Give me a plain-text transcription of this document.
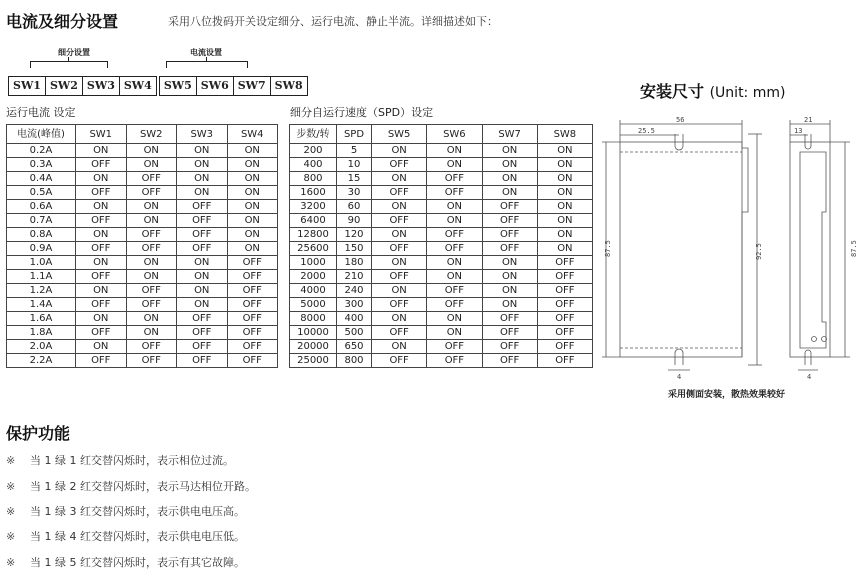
电流及细分设置	采用八位拨码开关设定细分、运行电流、静止半流。详细描述如下：
细分设置	电流设置
SW1 SW2 SW3 SW4	SW5 SW6 SW7 SW8
运行电流 设定
电流(峰值)	SW1	SW2	SW3	SW4
0.2A	ON	ON	ON	ON
0.3A	OFF	ON	ON	ON
0.4A	ON	OFF	ON	ON
0.5A	OFF	OFF	ON	ON
0.6A	ON	ON	OFF	ON
0.7A	OFF	ON	OFF	ON
0.8A	ON	OFF	OFF	ON
0.9A	OFF	OFF	OFF	ON
1.0A	ON	ON	ON	OFF
1.1A	OFF	ON	ON	OFF
1.2A	ON	OFF	ON	OFF
1.4A	OFF	OFF	ON	OFF
1.6A	ON	ON	OFF	OFF
1.8A	OFF	ON	OFF	OFF
2.0A	ON	OFF	OFF	OFF
2.2A	OFF	OFF	OFF	OFF
细分自运行速度（SPD）设定
步数/转	SPD	SW5	SW6	SW7	SW8
200	5	ON	ON	ON	ON
400	10	OFF	ON	ON	ON
800	15	ON	OFF	ON	ON
1600	30	OFF	OFF	ON	ON
3200	60	ON	ON	OFF	ON
6400	90	OFF	ON	OFF	ON
12800	120	ON	OFF	OFF	ON
25600	150	OFF	OFF	OFF	ON
1000	180	ON	ON	ON	OFF
2000	210	OFF	ON	ON	OFF
4000	240	ON	OFF	ON	OFF
5000	300	OFF	OFF	ON	OFF
8000	400	ON	ON	OFF	OFF
10000	500	OFF	ON	OFF	OFF
20000	650	ON	OFF	OFF	OFF
25000	800	OFF	OFF	OFF	OFF
安装尺寸 (Unit: mm)
56
25.5
21
13
87.5	92.5	87.5
4	4
采用侧面安装，散热效果较好
保护功能
※ 当 1 绿 1 红交替闪烁时，表示相位过流。
※ 当 1 绿 2 红交替闪烁时，表示马达相位开路。
※ 当 1 绿 3 红交替闪烁时，表示供电电压高。
※ 当 1 绿 4 红交替闪烁时，表示供电电压低。
※ 当 1 绿 5 红交替闪烁时，表示有其它故障。
